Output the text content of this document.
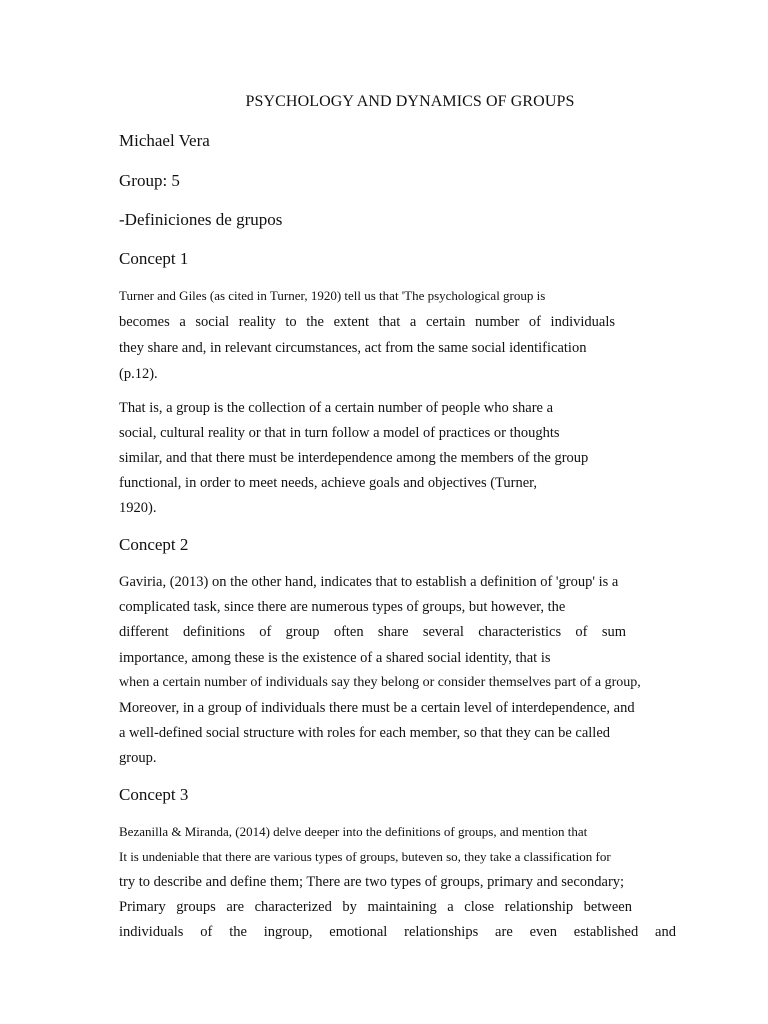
PSYCHOLOGY AND DYNAMICS OF GROUPS
Michael Vera
Group: 5
-Definiciones de grupos
Concept 1
Turner and Giles (as cited in Turner, 1920) tell us that 'The psychological group is
becomes a social reality to the extent that a certain number of individuals
they share and, in relevant circumstances, act from the same social identification
(p.12).
That is, a group is the collection of a certain number of people who share a
social, cultural reality or that in turn follow a model of practices or thoughts
similar, and that there must be interdependence among the members of the group
functional, in order to meet needs, achieve goals and objectives (Turner,
1920).
Concept 2
Gaviria, (2013) on the other hand, indicates that to establish a definition of 'group' is a
complicated task, since there are numerous types of groups, but however, the
different definitions of group often share several characteristics of sum
importance, among these is the existence of a shared social identity, that is
when a certain number of individuals say they belong or consider themselves part of a group,
Moreover, in a group of individuals there must be a certain level of interdependence, and
a well-defined social structure with roles for each member, so that they can be called
group.
Concept 3
Bezanilla & Miranda, (2014) delve deeper into the definitions of groups, and mention that
It is undeniable that there are various types of groups, buteven so, they take a classification for
try to describe and define them; There are two types of groups, primary and secondary;
Primary groups are characterized by maintaining a close relationship between
individuals of the ingroup, emotional relationships are even established and
